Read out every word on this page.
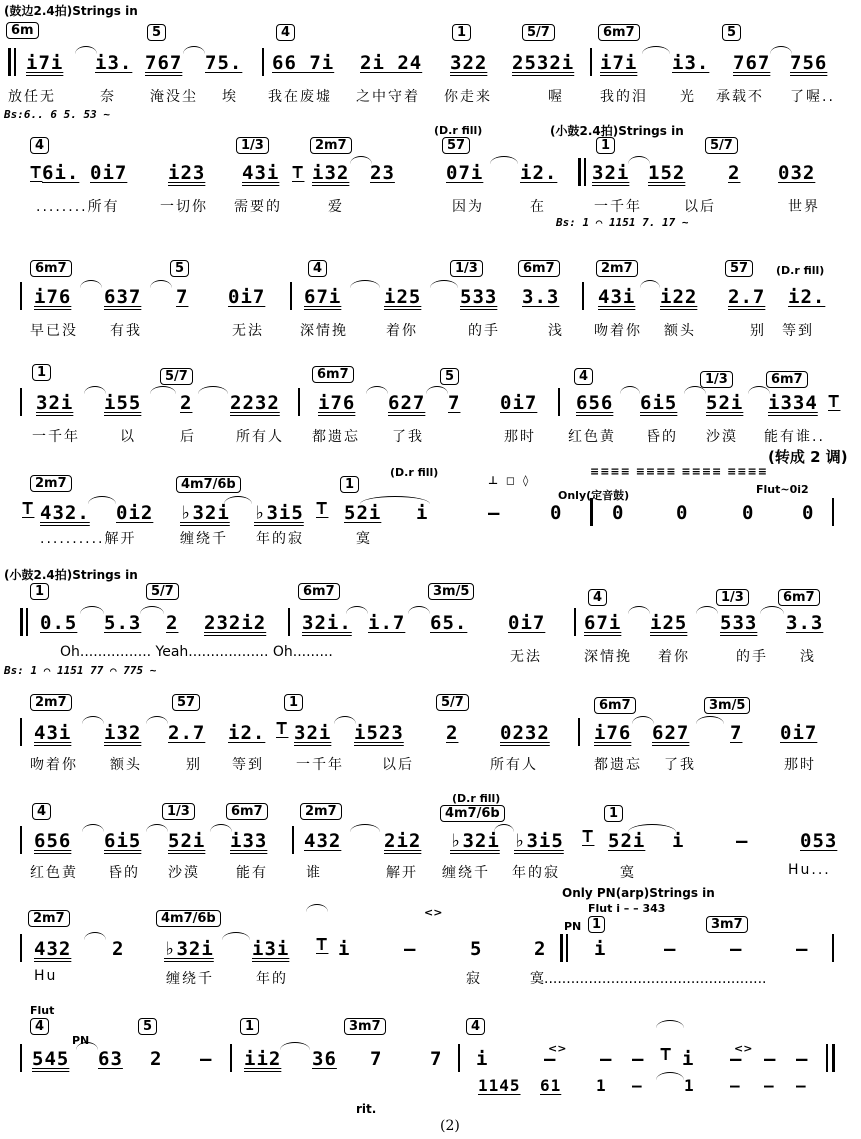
(鼓边2.4拍)Strings in
6m	5	4	1	5/7	6m7	5
i7i i3. 767 75. 66 7i 2i 24 322 2532i i7i i3. 767 756
放任无	奈 淹没尘 埃 我在废墟 之中守着 你走来	喔	我的泪 光 承载不 了喔..
Bs:6.. 6 5. 53 ~
(小鼓2.4拍)Strings in
(D.r fill)
4	1/3	2m7	57	1	5/7
⊤ 6i. 0i7 i23 43i ⊤ i32 23	07i i2. 32i 152 2 032
........所有	一切你 需要的	爱	因为	在	一千年	以后	世界
Bs: 1 ⌒ 1151 7. 17 ~
(D.r fill)
6m7	5	4	1/3	6m7	2m7	57
i76 637 7 0i7 67i i25 533 3.3 43i i22 2.7 i2.
早已没 有我	无法	深情挽	着你	的手	浅 吻着你 额头	别 等到
1	5/7	6m7	5	4	1/3	6m7
32i i55 2 2232 i76 627 7 0i7 656 6i5 52i i334 ⊤
一千年	以	后	所有人 都遗忘 了我	那时 红色黄 昏的 沙漠 能有谁..
(D.r fill)
(转成 2 调)
2m7	4m7/6b	1	⊥ ◻ ◊
≡≡≡≡ ≡≡≡≡ ≡≡≡≡ ≡≡≡≡
⊤ 432. 0i2 ♭32i ♭3i5 ⊤ 52i i	–	0	0	0	0	0
Only(定音鼓)	Flut~0i2
..........解开	缠绕千 年的寂	寞
(小鼓2.4拍)Strings in
1	5/7	6m7	3m/5	4	1/3	6m7
0.5 5.3 2 232i2 32i. i.7 65. 0i7 67i i25 533 3.3
Oh................ Yeah.................. Oh.........	无法	深情挽 着你	的手 浅
Bs: 1 ⌒ 1151 77 ⌒ 775 ~
2m7	57	1	5/7	6m7	3m/5
43i i32 2.7 i2. ⊤ 32i i523 2 0232 i76 627 7 0i7
吻着你 额头	别 等到 一千年	以后	所有人	都遗忘 了我	那时
(D.r fill)
4	1/3	6m7	2m7	4m7/6b	1
656 6i5 52i i33 432 2i2 ♭32i ♭3i5 ⊤ 52i i	–	053
红色黄 昏的 沙漠	能有	谁	解开 缠绕千 年的寂	寞	Hu...
Only PN(arp)Strings in
2m7	4m7/6b	1	3m7
Flut i – – 343
PN
432 2 ♭32i i3i ⊤ i	–	5	2	i	–	–	–
<>
Hu	缠绕千	年的	寂	寞..................................................
Flut
4
PN
5	1	3m7	4
545 63 2 – ii2 36 7	7 i	– – – ⊤ i – – –
<>	<>
1145 61 1 –	1 – – –
rit.
(2)
